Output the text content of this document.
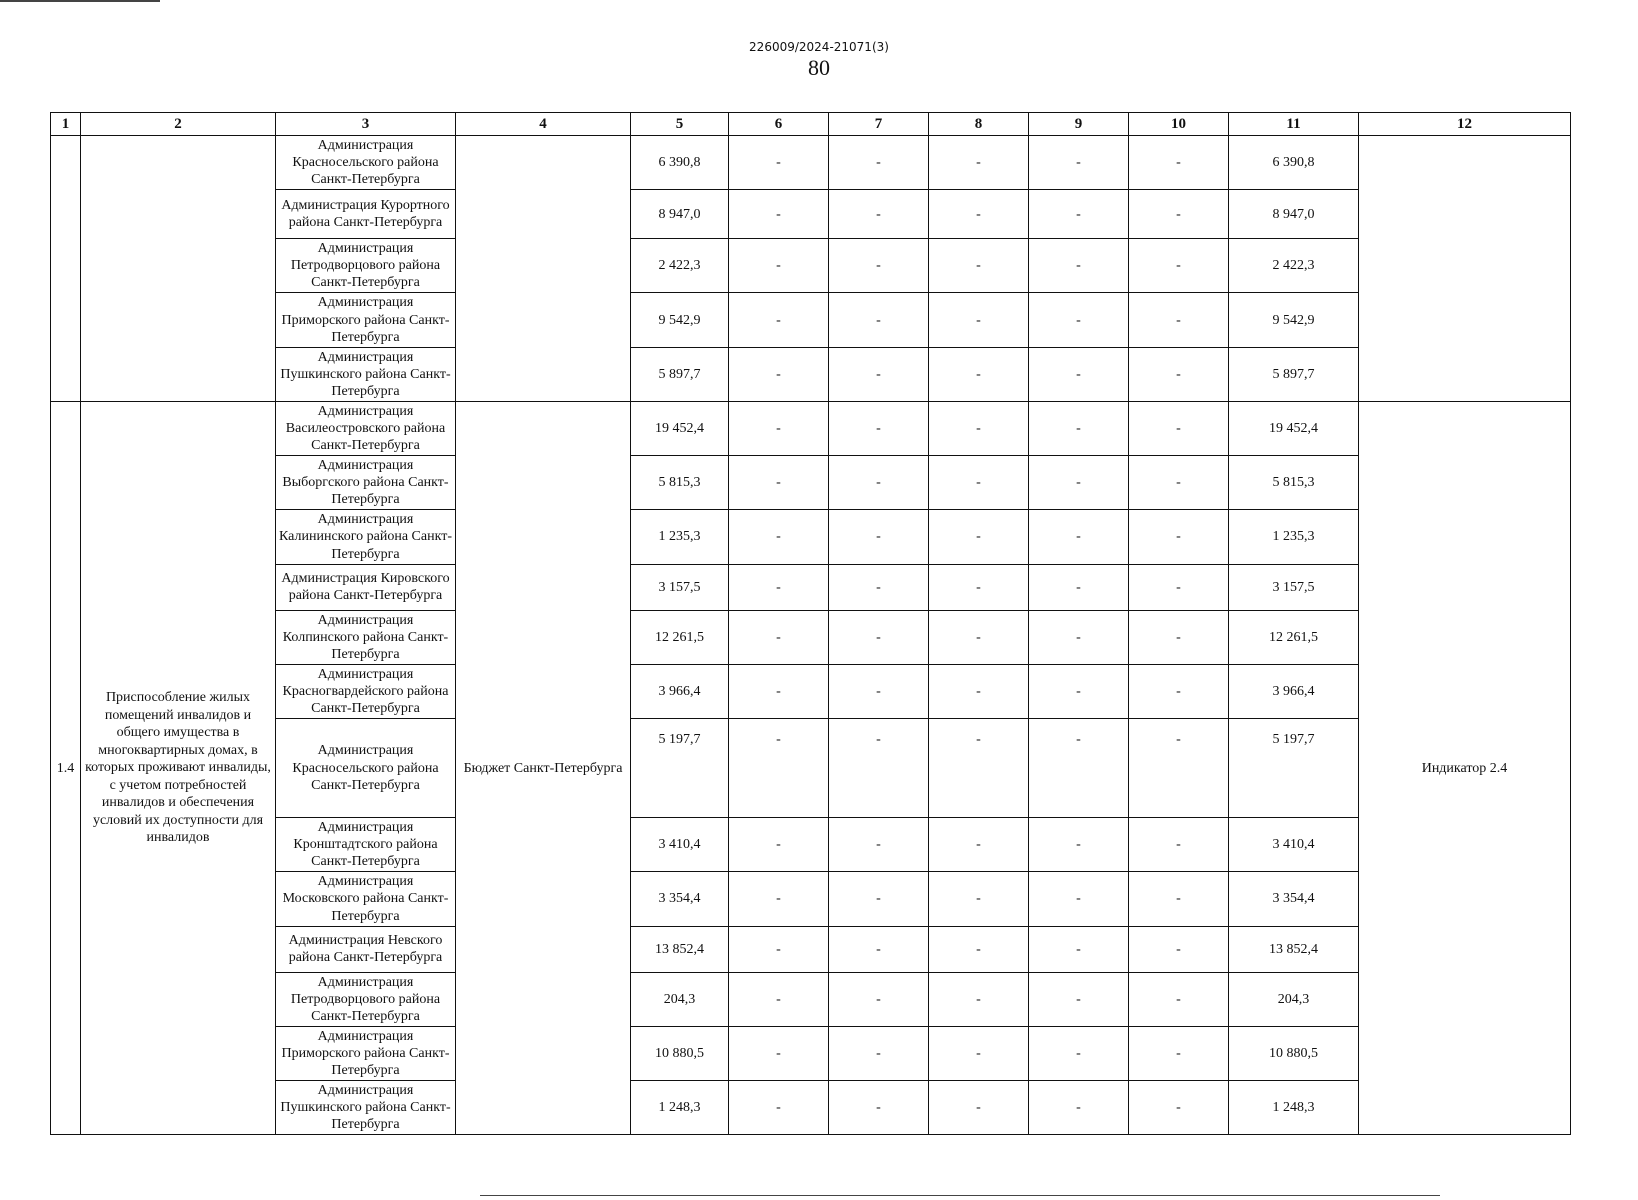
226009/2024-21071(3)
80
1	2	3	4	5	6	7	8	9	10	11	12
		Администрация Красносельского района Санкт-Петербурга		6 390,8	-	-	-	-	-	6 390,8	
		Администрация Курортного района Санкт-Петербурга		8 947,0	-	-	-	-	-	8 947,0	
		Администрация Петродворцового района Санкт-Петербурга		2 422,3	-	-	-	-	-	2 422,3	
		Администрация Приморского района Санкт-Петербурга		9 542,9	-	-	-	-	-	9 542,9	
		Администрация Пушкинского района Санкт-Петербурга		5 897,7	-	-	-	-	-	5 897,7	
1.4	Приспособление жилых помещений инвалидов и общего имущества в многоквартирных домах, в которых проживают инвалиды, с учетом потребностей инвалидов и обеспечения условий их доступности для инвалидов	Администрация Василеостровского района Санкт-Петербурга	Бюджет Санкт-Петербурга	19 452,4	-	-	-	-	-	19 452,4	Индикатор 2.4
		Администрация Выборгского района Санкт-Петербурга		5 815,3	-	-	-	-	-	5 815,3	
		Администрация Калининского района Санкт-Петербурга		1 235,3	-	-	-	-	-	1 235,3	
		Администрация Кировского района Санкт-Петербурга		3 157,5	-	-	-	-	-	3 157,5	
		Администрация Колпинского района Санкт-Петербурга		12 261,5	-	-	-	-	-	12 261,5	
		Администрация Красногвардейского района Санкт-Петербурга		3 966,4	-	-	-	-	-	3 966,4	
		Администрация Красносельского района Санкт-Петербурга		5 197,7	-	-	-	-	-	5 197,7	
		Администрация Кронштадтского района Санкт-Петербурга		3 410,4	-	-	-	-	-	3 410,4	
		Администрация Московского района Санкт-Петербурга		3 354,4	-	-	-	-	-	3 354,4	
		Администрация Невского района Санкт-Петербурга		13 852,4	-	-	-	-	-	13 852,4	
		Администрация Петродворцового района Санкт-Петербурга		204,3	-	-	-	-	-	204,3	
		Администрация Приморского района Санкт-Петербурга		10 880,5	-	-	-	-	-	10 880,5	
		Администрация Пушкинского района Санкт-Петербурга		1 248,3	-	-	-	-	-	1 248,3	
